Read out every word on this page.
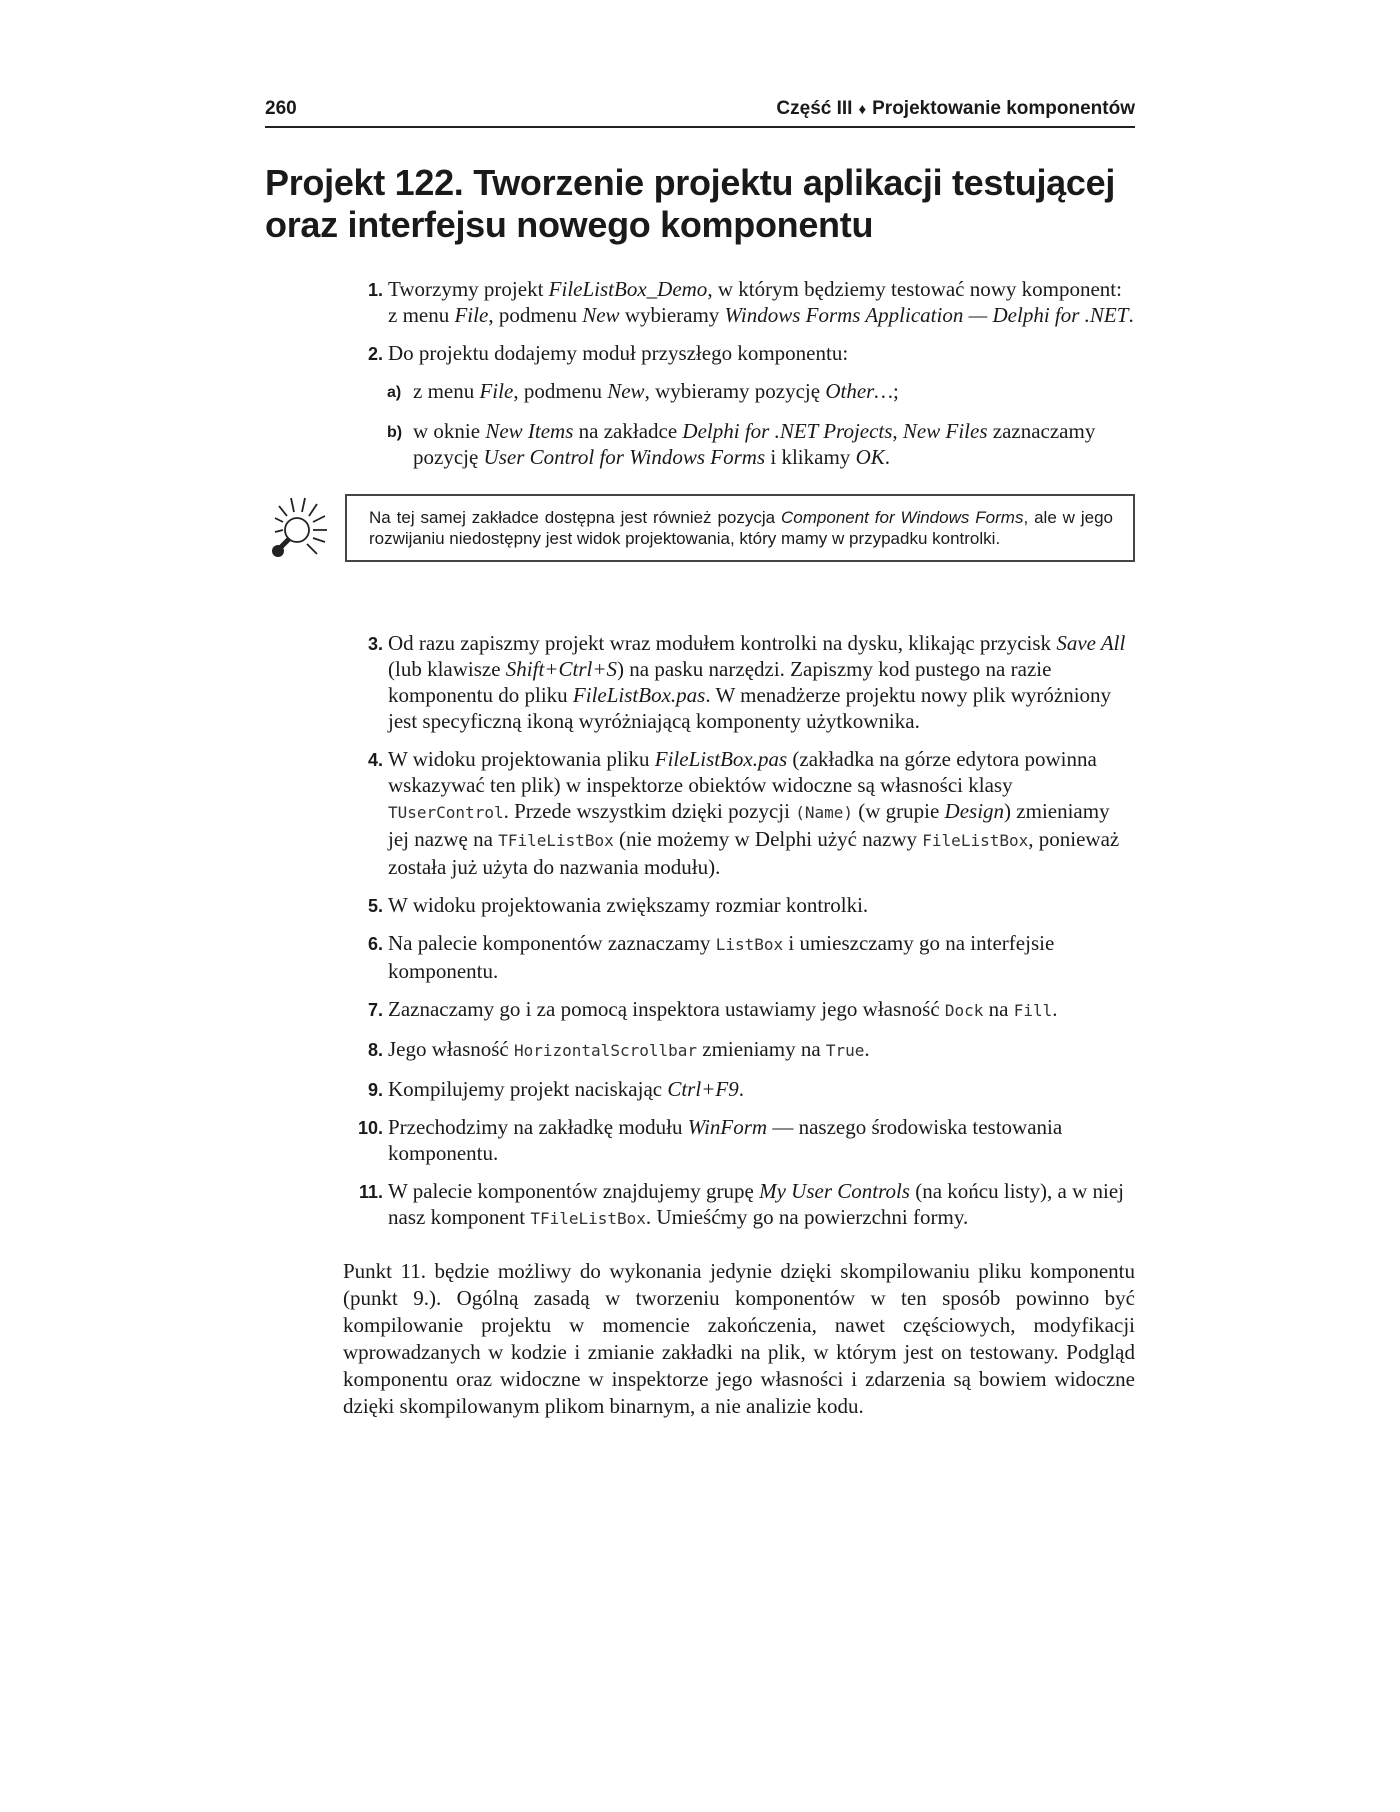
260	Część III ♦ Projektowanie komponentów
Projekt 122. Tworzenie projektu aplikacji testującej
oraz interfejsu nowego komponentu
1. Tworzymy projekt FileListBox_Demo, w którym będziemy testować nowy komponent: z menu File, podmenu New wybieramy Windows Forms Application — Delphi for .NET.
2. Do projektu dodajemy moduł przyszłego komponentu:
a) z menu File, podmenu New, wybieramy pozycję Other…;
b) w oknie New Items na zakładce Delphi for .NET Projects, New Files zaznaczamy pozycję User Control for Windows Forms i klikamy OK.
Na tej samej zakładce dostępna jest również pozycja Component for Windows Forms, ale w jego rozwijaniu niedostępny jest widok projektowania, który mamy w przypadku kontrolki.
3. Od razu zapiszmy projekt wraz modułem kontrolki na dysku, klikając przycisk Save All (lub klawisze Shift+Ctrl+S) na pasku narzędzi. Zapiszmy kod pustego na razie komponentu do pliku FileListBox.pas. W menadżerze projektu nowy plik wyróżniony jest specyficzną ikoną wyróżniającą komponenty użytkownika.
4. W widoku projektowania pliku FileListBox.pas (zakładka na górze edytora powinna wskazywać ten plik) w inspektorze obiektów widoczne są własności klasy TUserControl. Przede wszystkim dzięki pozycji (Name) (w grupie Design) zmieniamy jej nazwę na TFileListBox (nie możemy w Delphi użyć nazwy FileListBox, ponieważ została już użyta do nazwania modułu).
5. W widoku projektowania zwiększamy rozmiar kontrolki.
6. Na palecie komponentów zaznaczamy ListBox i umieszczamy go na interfejsie komponentu.
7. Zaznaczamy go i za pomocą inspektora ustawiamy jego własność Dock na Fill.
8. Jego własność HorizontalScrollbar zmieniamy na True.
9. Kompilujemy projekt naciskając Ctrl+F9.
10. Przechodzimy na zakładkę modułu WinForm — naszego środowiska testowania komponentu.
11. W palecie komponentów znajdujemy grupę My User Controls (na końcu listy), a w niej nasz komponent TFileListBox. Umieśćmy go na powierzchni formy.

Punkt 11. będzie możliwy do wykonania jedynie dzięki skompilowaniu pliku komponentu (punkt 9.). Ogólną zasadą w tworzeniu komponentów w ten sposób powinno być kompilowanie projektu w momencie zakończenia, nawet częściowych, modyfikacji wprowadzanych w kodzie i zmianie zakładki na plik, w którym jest on testowany. Podgląd komponentu oraz widoczne w inspektorze jego własności i zdarzenia są bowiem widoczne dzięki skompilowanym plikom binarnym, a nie analizie kodu.
